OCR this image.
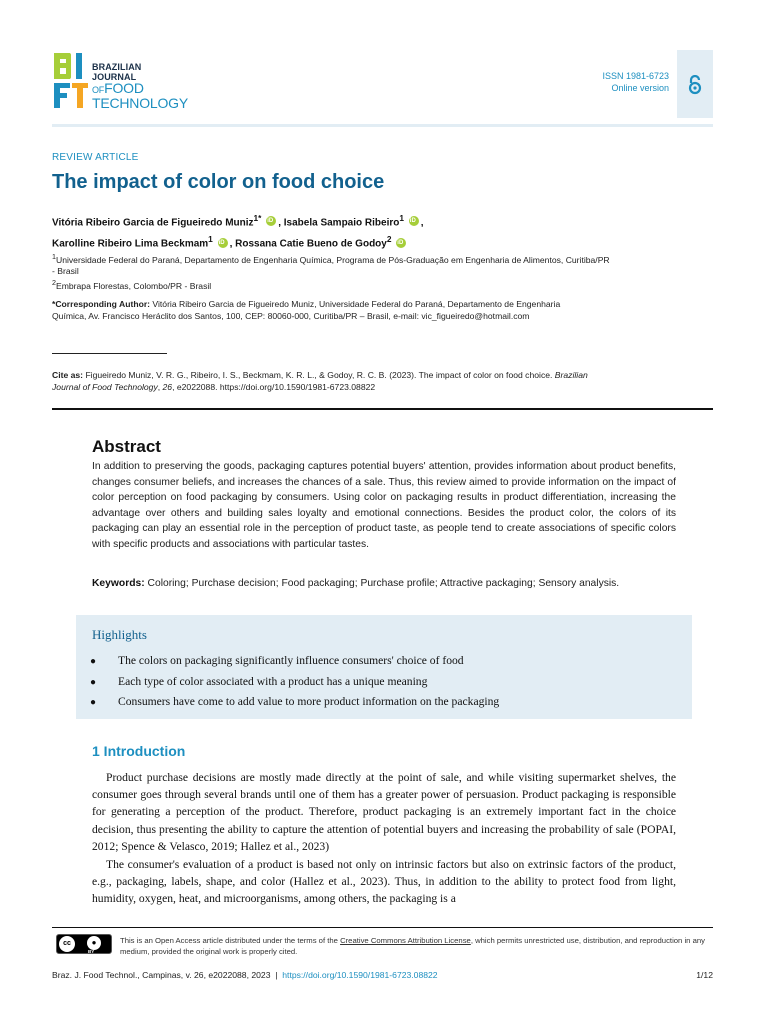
BRAZILIAN
JOURNAL
OFFOOD
TECHNOLOGY
ISSN 1981-6723
Online version
REVIEW ARTICLE
The impact of color on food choice
Vitória Ribeiro Garcia de Figueiredo Muniz$^{1*}$ iD , Isabela Sampaio Ribeiro$^1$ iD ,
Karolline Ribeiro Lima Beckmam$^1$ iD , Rossana Catie Bueno de Godoy$^2$ iD
$^1$Universidade Federal do Paraná, Departamento de Engenharia Química, Programa de Pós-Graduação em Engenharia de Alimentos, Curitiba/PR - Brasil
$^2$Embrapa Florestas, Colombo/PR - Brasil
*Corresponding Author: Vitória Ribeiro Garcia de Figueiredo Muniz, Universidade Federal do Paraná, Departamento de Engenharia Química, Av. Francisco Heráclito dos Santos, 100, CEP: 80060-000, Curitiba/PR – Brasil, e-mail: vic_figueiredo@hotmail.com
Cite as: Figueiredo Muniz, V. R. G., Ribeiro, I. S., Beckmam, K. R. L., & Godoy, R. C. B. (2023). The impact of color on food choice. Brazilian Journal of Food Technology, 26, e2022088. https://doi.org/10.1590/1981-6723.08822
Abstract

In addition to preserving the goods, packaging captures potential buyers' attention, provides information about product benefits, changes consumer beliefs, and increases the chances of a sale. Thus, this review aimed to provide information on the impact of color perception on food packaging by consumers. Using color on packaging results in product differentiation, increasing the advantage over others and building sales loyalty and emotional connections. Besides the product color, the colors of its packaging can play an essential role in the perception of product taste, as people tend to create associations of specific colors with specific products and associations with particular tastes.

Keywords: Coloring; Purchase decision; Food packaging; Purchase profile; Attractive packaging; Sensory analysis.
Highlights
● The colors on packaging significantly influence consumers' choice of food
● Each type of color associated with a product has a unique meaning
● Consumers have come to add value to more product information on the packaging
1 Introduction

Product purchase decisions are mostly made directly at the point of sale, and while visiting supermarket shelves, the consumer goes through several brands until one of them has a greater power of persuasion. Product packaging is responsible for generating a perception of the product. Therefore, product packaging is an extremely important fact in the choice decision, thus presenting the ability to capture the attention of potential buyers and increasing the probability of sale (POPAI, 2012; Spence & Velasco, 2019; Hallez et al., 2023)

The consumer's evaluation of a product is based not only on intrinsic factors but also on extrinsic factors of the product, e.g., packaging, labels, shape, and color (Hallez et al., 2023). Thus, in addition to the ability to protect food from light, humidity, oxygen, heat, and microorganisms, among others, the packaging is a

cc	●
BY
This is an Open Access article distributed under the terms of the Creative Commons Attribution License, which permits unrestricted use, distribution, and reproduction in any medium, provided the original work is properly cited.
Braz. J. Food Technol., Campinas, v. 26, e2022088, 2023 | https://doi.org/10.1590/1981-6723.08822	1/12
